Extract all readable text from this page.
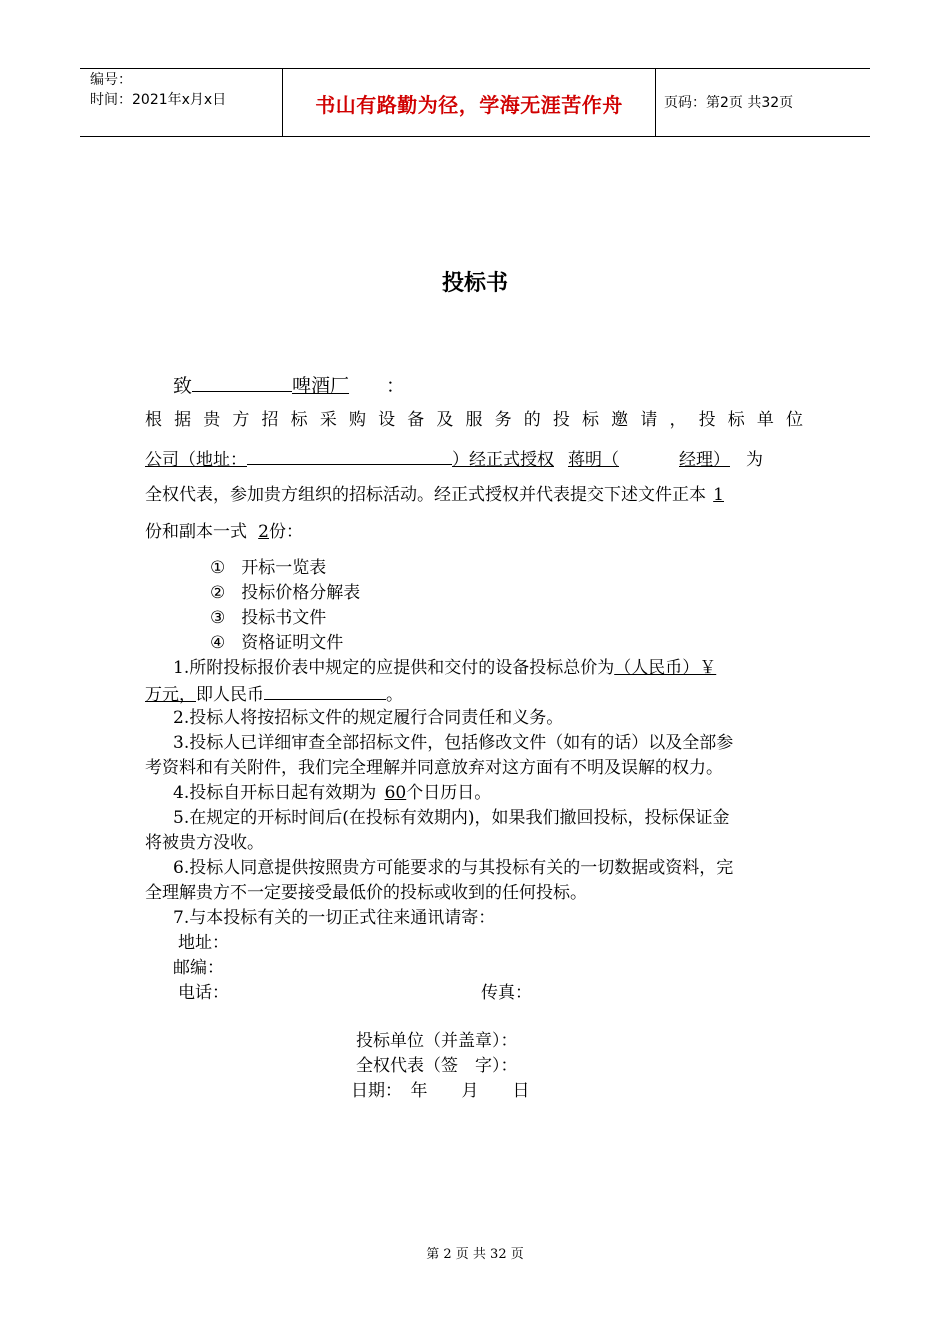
编号：
时间：2021年x月x日	书山有路勤为径，学海无涯苦作舟	页码：第2页 共32页
投标书
致	啤酒厂 ：
根据贵方招标采购设备及服务的投标邀请，投标单位
公司（地址：	）经正式授权 蒋明（	经理） 为
全权代表，参加贵方组织的招标活动。经正式授权并代表提交下述文件正本 1
份和副本一式 2份：
① 开标一览表
② 投标价格分解表
③ 投标书文件
④ 资格证明文件
1.所附投标报价表中规定的应提供和交付的设备投标总价为（人民币）￥
万元，即人民币	。
2.投标人将按招标文件的规定履行合同责任和义务。
3.投标人已详细审查全部招标文件，包括修改文件（如有的话）以及全部参
考资料和有关附件，我们完全理解并同意放弃对这方面有不明及误解的权力。
4.投标自开标日起有效期为 60个日历日。
5.在规定的开标时间后(在投标有效期内)，如果我们撤回投标，投标保证金
将被贵方没收。
6.投标人同意提供按照贵方可能要求的与其投标有关的一切数据或资料，完
全理解贵方不一定要接受最低价的投标或收到的任何投标。
7.与本投标有关的一切正式往来通讯请寄：
地址：
邮编：
电话：	传真：
投标单位（并盖章）：
全权代表（签　字）：
日期：　年　　月　　日
第 2 页 共 32 页
